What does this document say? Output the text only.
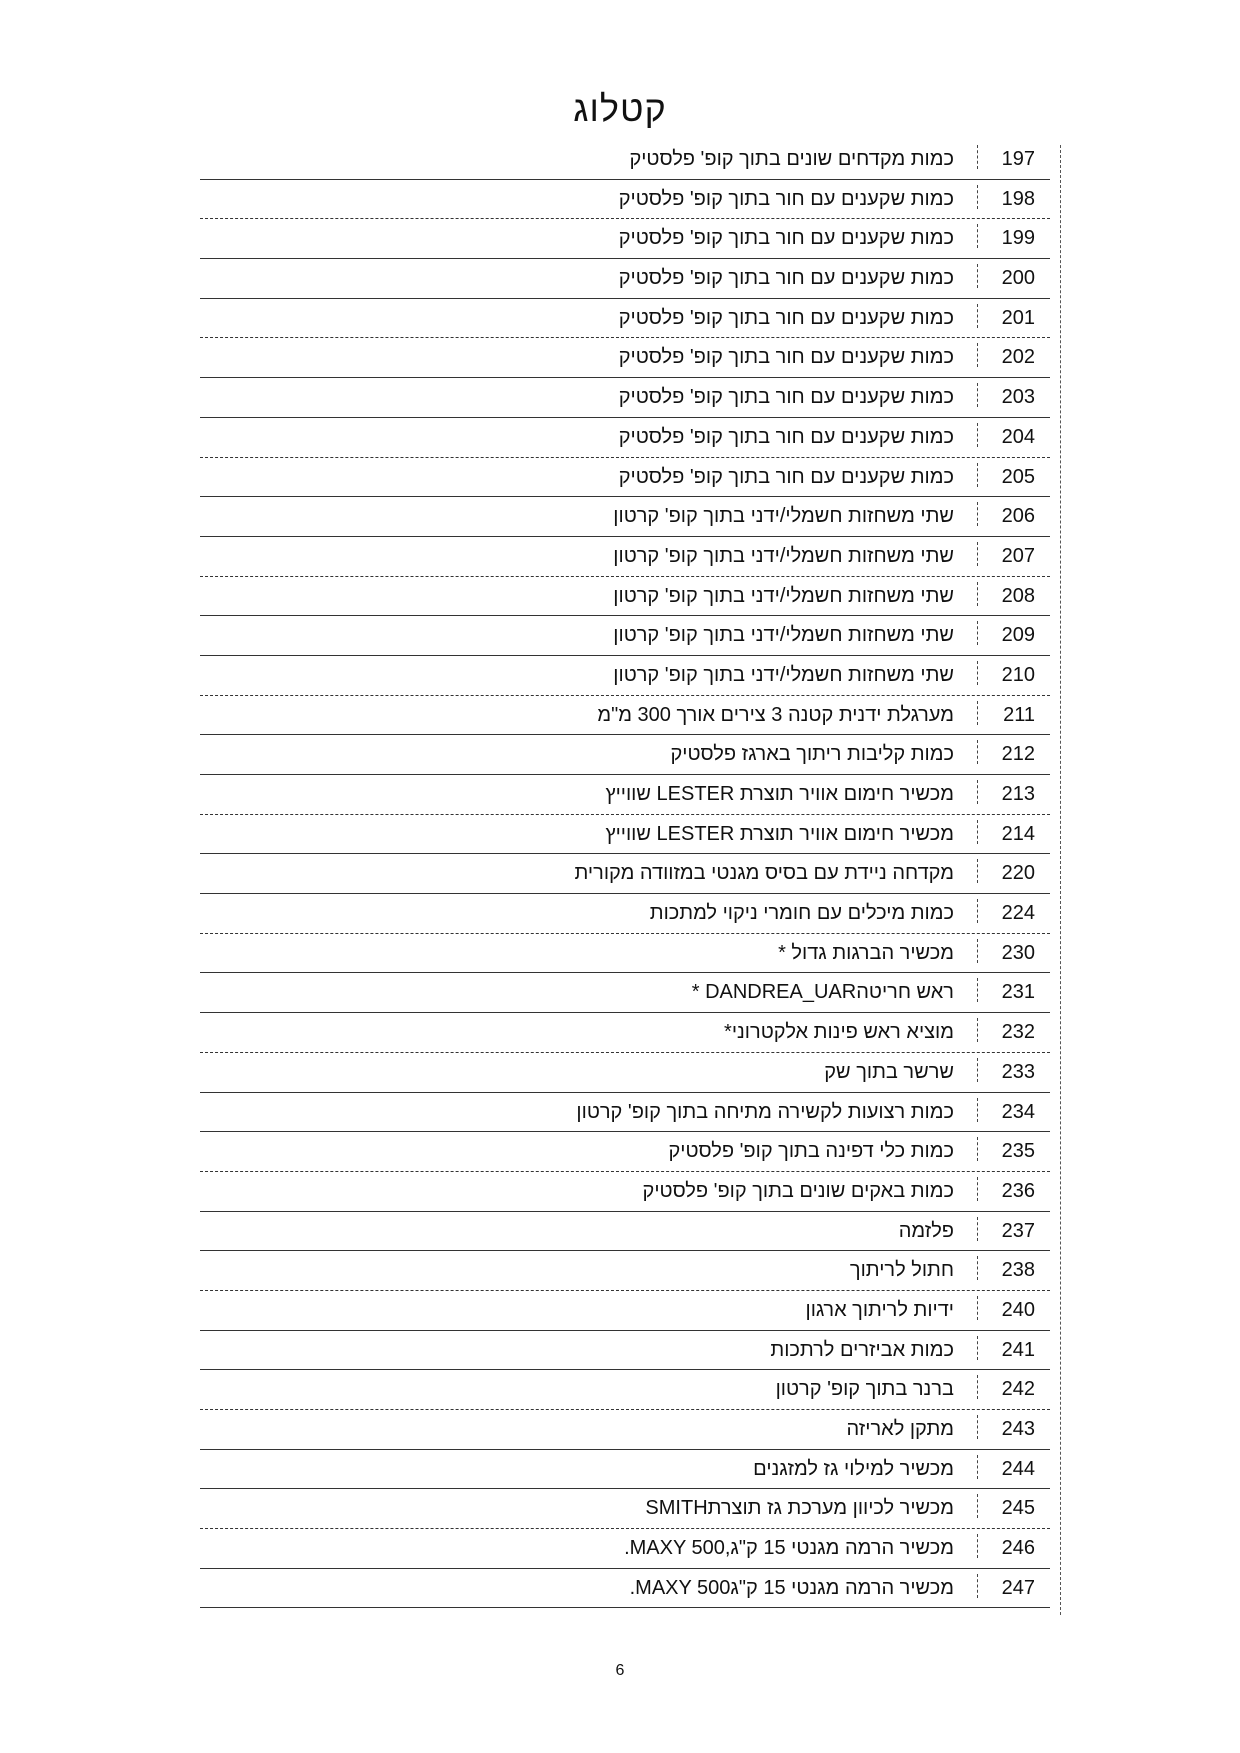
קטלוג
197
כמות מקדחים שונים בתוך קופ' פלסטיק
198
כמות שקענים עם חור בתוך קופ' פלסטיק
199
כמות שקענים עם חור בתוך קופ' פלסטיק
200
כמות שקענים עם חור בתוך קופ' פלסטיק
201
כמות שקענים עם חור בתוך קופ' פלסטיק
202
כמות שקענים עם חור בתוך קופ' פלסטיק
203
כמות שקענים עם חור בתוך קופ' פלסטיק
204
כמות שקענים עם חור בתוך קופ' פלסטיק
205
כמות שקענים עם חור בתוך קופ' פלסטיק
206
שתי משחזות חשמלי/ידני בתוך קופ' קרטון
207
שתי משחזות חשמלי/ידני בתוך קופ' קרטון
208
שתי משחזות חשמלי/ידני בתוך קופ' קרטון
209
שתי משחזות חשמלי/ידני בתוך קופ' קרטון
210
שתי משחזות חשמלי/ידני בתוך קופ' קרטון
211
מערגלת ידנית קטנה 3 צירים אורך 300 מ"מ
212
כמות קליבות ריתוך בארגז פלסטיק
213
מכשיר חימום אוויר תוצרת LESTER שווייץ
214
מכשיר חימום אוויר תוצרת LESTER שווייץ
220
מקדחה ניידת עם בסיס מגנטי במזוודה מקורית
224
כמות מיכלים עם חומרי ניקוי למתכות
230
מכשיר הברגות גדול *
231
ראש חריטהDANDREA_UAR *
232
מוציא ראש פינות אלקטרוני*
233
שרשר בתוך שק
234
כמות רצועות לקשירה מתיחה בתוך קופ' קרטון
235
כמות כלי דפינה בתוך קופ' פלסטיק
236
כמות באקים שונים בתוך קופ' פלסטיק
237
פלזמה
238
חתול לריתוך
240
ידיות לריתוך ארגון
241
כמות אביזרים לרתכות
242
ברנר בתוך קופ' קרטון
243
מתקן לאריזה
244
מכשיר למילוי גז למזגנים
245
מכשיר לכיוון מערכת גז תוצרתSMITH
246
מכשיר הרמה מגנטי 15 ק"ג,MAXY 500.
247
מכשיר הרמה מגנטי 15 ק"גMAXY 500.
6
